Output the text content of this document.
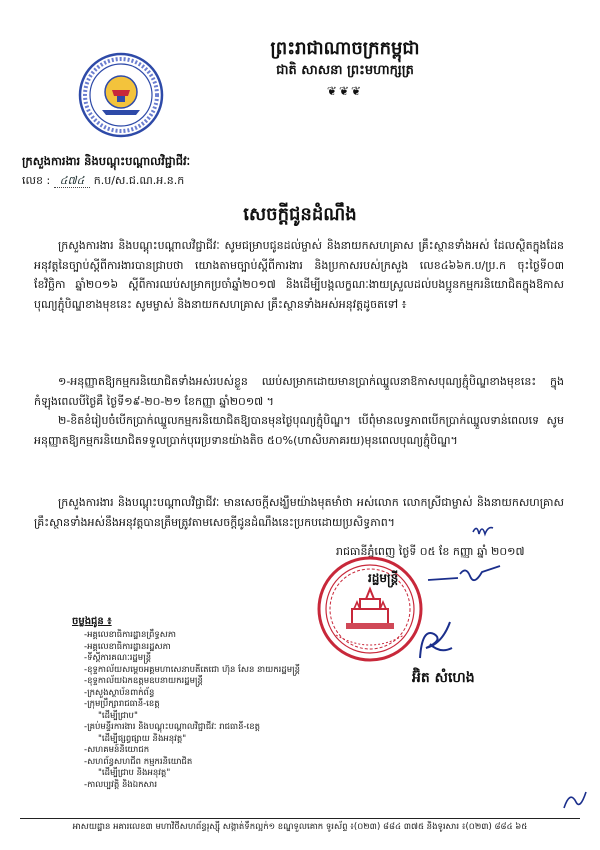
ព្រះរាជាណាចក្រកម្ពុជា
ជាតិ សាសនា ព្រះមហាក្សត្រ
❦❦❦
ក្រសួងការងារ និងបណ្តុះបណ្តាលវិជ្ជាជីវៈ
លេខ : ៤៧៤ ក.ប/ស.ជ.ណ.អ.ន.ក
សេចក្តីជូនដំណឹង
ក្រសួងការងារ និងបណ្តុះបណ្តាលវិជ្ជាជីវៈ សូមជម្រាបជូនដល់ម្ចាស់ និងនាយកសហគ្រាស គ្រឹះស្ថានទាំងអស់ ដែលស្ថិតក្នុងដែនអនុវត្តនៃច្បាប់ស្តីពីការងារបានជ្រាបថា យោងតាមច្បាប់ស្តីពីការងារ និងប្រកាសរបស់ក្រសួង លេខ៤៦៦ក.ប/ប្រ.ក ចុះថ្ងៃទី០៣ ខែវិច្ឆិកា ឆ្នាំ២០១៦ ស្តីពីការឈប់សម្រាកប្រចាំឆ្នាំ២០១៧ និងដើម្បីបង្កលក្ខណៈងាយស្រួលដល់បងប្អូនកម្មករនិយោជិតក្នុងឱកាសបុណ្យភ្ជុំបិណ្ឌខាងមុខនេះ សូមម្ចាស់ និងនាយកសហគ្រាស គ្រឹះស្ថានទាំងអស់អនុវត្តដូចតទៅ ៖
១-អនុញ្ញាតឱ្យកម្មករនិយោជិតទាំងអស់របស់ខ្លួន ឈប់សម្រាកដោយមានប្រាក់ឈ្នួលនាឱកាសបុណ្យភ្ជុំបិណ្ឌខាងមុខនេះ ក្នុងកំឡុងពេលបីថ្ងៃគឺ ថ្ងៃទី១៩-២០-២១ ខែកញ្ញា ឆ្នាំ២០១៧ ។
២-ខិតខំរៀបចំបើកប្រាក់ឈ្នួលកម្មករនិយោជិតឱ្យបានមុនថ្ងៃបុណ្យភ្ជុំបិណ្ឌ។ បើពុំមានលទ្ធភាពបើកប្រាក់ឈ្នួលទាន់ពេលទេ សូមអនុញ្ញាតឱ្យកម្មករនិយោជិតទទួលប្រាក់បុរេប្រទានយ៉ាងតិច ៥០%(ហាសិបភាគរយ)មុនពេលបុណ្យភ្ជុំបិណ្ឌ។
ក្រសួងការងារ និងបណ្តុះបណ្តាលវិជ្ជាជីវៈ មានសេចក្តីសង្ឃឹមយ៉ាងមុតមាំថា អស់លោក លោកស្រីជាម្ចាស់ និងនាយកសហគ្រាស គ្រឹះស្ថានទាំងអស់នឹងអនុវត្តបានត្រឹមត្រូវតាមសេចក្តីជូនដំណឹងនេះប្រកបដោយប្រសិទ្ធភាព។
រាជធានីភ្នំពេញ ថ្ងៃទី ០៥ ខែ កញ្ញា ឆ្នាំ ២០១៧
រដ្ឋមន្ត្រី
អ៊ិត សំហេង
ចម្លងជូន ៖
-អគ្គលេខាធិការដ្ឋានព្រឹទ្ធសភា
-អគ្គលេខាធិការដ្ឋានរដ្ឋសភា
-ទីស្តីការគណៈរដ្ឋមន្ត្រី
-ខុទ្ទកាល័យសម្តេចអគ្គមហាសេនាបតីតេជោ ហ៊ុន សែន នាយករដ្ឋមន្ត្រី
-ខុទ្ទកាល័យឯកឧត្តមឧបនាយករដ្ឋមន្ត្រី
-ក្រសួងស្ថាប័នពាក់ព័ន្ធ
-ក្រុមប្រឹក្សារាជធានី-ខេត្ត
"ដើម្បីជ្រាប"
-គ្រប់មន្ទីរការងារ និងបណ្តុះបណ្តាលវិជ្ជាជីវៈ រាជធានី-ខេត្ត
"ដើម្បីផ្សព្វផ្សាយ និងអនុវត្ត"
-សហគមន៍និយោជក
-សហព័ន្ធសហជីព កម្មករនិយោជិត
"ដើម្បីជ្រាប និងអនុវត្ត"
-កាលប្បវត្តិ និងឯកសារ
អាសយដ្ឋាន អគារលេខ៣ មហាវិថីសហព័ន្ធរុស្ស៊ី សង្កាត់ទឹកល្អក់១ ខណ្ឌទួលគោក ទូរស័ព្ទ ៖(០២៣) ៨៨៤ ៣៧៥ និងទូរសារ ៖(០២៣) ៨៨៤ ៦៥
